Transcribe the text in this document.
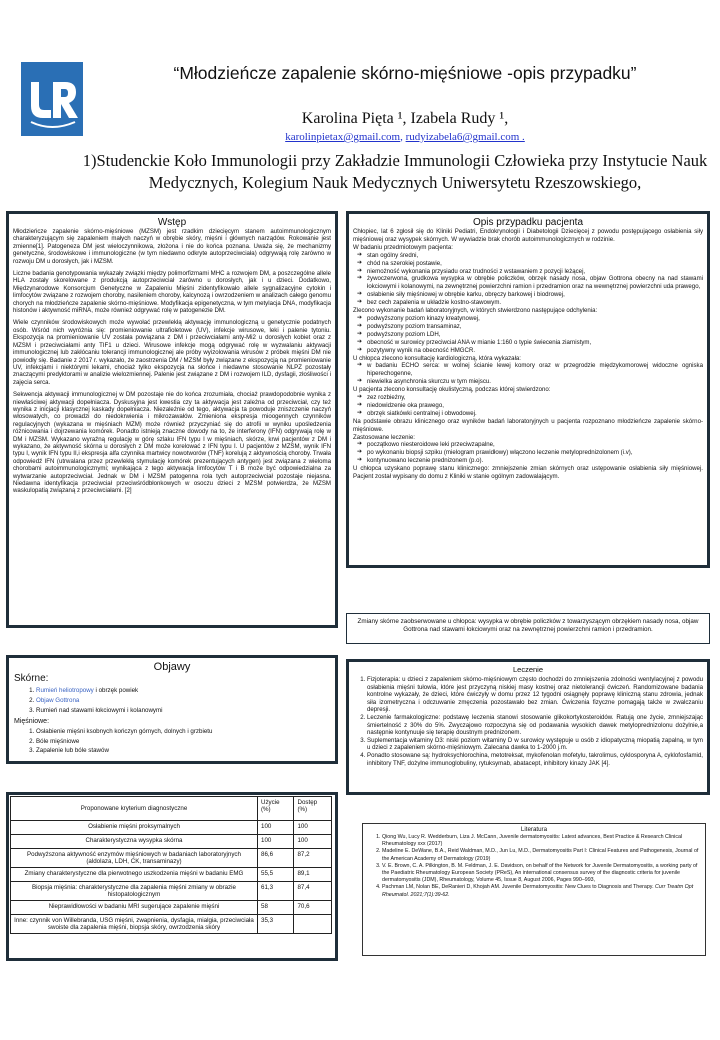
“Młodzieńcze zapalenie skórno-mięśniowe -opis przypadku”
Karolina Pięta ¹, Izabela Rudy ¹,
karolinpietax@gmail.com, rudyizabela6@gmail.com .
1)Studenckie Koło Immunologii przy Zakładzie Immunologii Człowieka przy Instytucie Nauk Medycznych, Kolegium Nauk Medycznych Uniwersytetu Rzeszowskiego,
Wstęp

Młodzieńcze zapalenie skórno-mięśniowe (MZSM) jest rzadkim dziecięcym stanem autoimmunologicznym charakteryzującym się zapaleniem małych naczyń w obrębie skóry, mięśni i głównych narządów. Rokowanie jest zmienne[1]. Patogeneza DM jest wieloczynnikowa, złożona i nie do końca poznana. Uważa się, że mechanizmy genetyczne, środowiskowe i immunologiczne (w tym niedawno odkryte autoprzeciwciała) odgrywają rolę zarówno w rozwoju DM u dorosłych, jak i MZSM.

Liczne badania genotypowania wykazały związki między polimorfizmami MHC a rozwojem DM, a poszczególne allele HLA zostały skorelowane z produkcją autoprzeciwciał zarówno u dorosłych, jak i u dzieci. Dodatkowo, Międzynarodowe Konsorcjum Genetyczne w Zapaleniu Mięśni zidentyfikowało allele sygnalizacyjne cytokin i limfocytów związane z rozwojem choroby, nasileniem choroby, kalcynozą i owrzodzeniem w analizach całego genomu chorych na młodzieńcze zapalenie skórno-mięśniowe. Modyfikacja epigenetyczna, w tym metylacja DNA, modyfikacja histonów i aktywność miRNA, może również odgrywać rolę w patogenezie DM.

Wiele czynników środowiskowych może wywołać przewlekłą aktywację immunologiczną u genetycznie podatnych osób. Wśród nich wyróżnia się: promieniowanie ultrafioletowe (UV), infekcje wirusowe, leki i palenie tytoniu. Ekspozycja na promieniowanie UV została powiązana z DM i przeciwciałami anty-Mi2 u dorosłych kobiet oraz z MZSM i przeciwciałami anty TIF1 u dzieci. Wirusowe infekcje mogą odgrywać rolę w wyzwalaniu aktywacji immunologicznej lub zakłócaniu tolerancji immunologicznej ale próby wyizolowania wirusów z próbek mięśni DM nie powiodły się. Badanie z 2017 r. wykazało, że zaostrzenia DM / MZSM były związane z ekspozycją na promieniowanie UV, infekcjami i niektórymi lekami, chociaż tylko ekspozycja na słońce i niedawne stosowanie NLPZ pozostały znaczącymi predyktorami w analizie wielozmiennej. Palenie jest związane z DM i rozwojem ILD, dysfagii, złośliwości i zajęcia serca.

Sekwencja aktywacji immunologicznej w DM pozostaje nie do końca zrozumiała, chociaż prawdopodobnie wynika z niewłaściwej aktywacji dopełniacza. Dyskusyjna jest kwestia czy ta aktywacja jest zależna od przeciwciał, czy też wynika z inicjacji klasycznej kaskady dopełniacza. Niezależnie od tego, aktywacja ta powoduje zniszczenie naczyń włosowatych, co prowadzi do niedokrwienia i mikrozawałów. Zmieniona ekspresja mioogennych czynników regulacyjnych (wykazana w mięśniach MZM) może również przyczyniać się do atrofii w wyniku upośledzenia różnicowania i dojrzewania komórek. Ponadto istnieją znaczne dowody na to, że interferony (IFN) odgrywają rolę w DM i MZSM. Wykazano wyraźną regulację w górę szlaku IFN typu I w mięśniach, skórze, krwi pacjentów z DM i wykazano, że aktywność skórna u dorosłych z DM może korelować z IFN typu I. U pacjentów z MZSM, wynik IFN typu I, wynik IFN typu II,i ekspresja alfa czynnika martwicy nowotworów (TNF) korelują z aktywnością choroby. Trwała odpowiedź IFN (utrwalana przez przewlekłą stymulację komórek prezentujących antygen) jest związana z wieloma chorobami autoimmunologicznymi; wynikająca z tego aktywacja limfocytów T i B może być odpowiedzialna za wytwarzanie autoprzeciwciał. Jednak w DM i MZSM patogenna rola tych autoprzeciwciał pozostaje niejasna. Niedawna identyfikacja przeciwciał przeciwśródbłonkowych w osoczu dzieci z MZSM potwierdza, że MZSM waskulopatią związaną z przeciwciałami. [2]

Opis przypadku pacjenta
Chłopiec, lat 6 zgłosił się do Kliniki Pediatri, Endokrynologii i Diabetologii Dziecięcej z powodu postępującego osłabienia siły mięśniowej oraz wysypek skórnych. W wywiadzie brak chorób autoimmunologicznych w rodzinie.
W badaniu przedmiotowym pacjenta:
➔ stan ogólny średni,
➔ chód na szerokiej postawie,
➔ niemożność wykonania przysiadu oraz trudności z wstawaniem z pozycji leżącej,
➔ żywoczerwona, grudkowa wysypka w obrębie policzków, obrzęk nasady nosa, objaw Gottrona obecny na nad stawami łokciowymi i kolanowymi, na zewnętrznej powierzchni ramion i przedramion oraz na wewnętrznej powierzchni uda prawego,
➔ osłabienie siły mięśniowej w obrębie karku, obręczy barkowej i biodrowej,
➔ bez cech zapalenia w układzie kostno-stawowym.
Zlecono wykonanie badań laboratoryjnych, w których stwierdzono następujące odchylenia:
➔ podwyższony poziom kinazy kreatynowej,
➔ podwyższony poziom transaminaz,
➔ podwyższony poziom LDH,
➔ obecność w surowicy przeciwciał ANA w mianie 1:160 o typie świecenia ziarnistym,
➔ pozytywny wynik na obecność HMGCR.
U chłopca zlecono konsultację kardiologiczną, która wykazała:
➔ w badaniu ECHO serca: w wolnej ścianie lewej komory oraz w przegrodzie międzykomorowej widoczne ogniska hiperechogenne,
➔ niewielka asynchronia skurczu w tym miejscu.
U pacjenta zlecono konsultację okulistyczną, podczas której stwierdzono:
➔ zez rozbieżny,
➔ niedowidzenie oka prawego,
➔ obrzęk siatkówki centralnej i obwodowej.
Na podstawie obrazu klinicznego oraz wyników badań laboratoryjnych u pacjenta rozpoznano młodzieńcze zapalenie skórno-mięśniowe.
Zastosowane leczenie:
➔ początkowo niesteroidowe leki przeciwzapalne,
➔ po wykonaniu biopsji szpiku (mielogram prawidłowy) włączono leczenie metyloprednizolonem (i.v),
➔ kontynuowano leczenie prednizonem (p.o).
U chłopca uzyskano poprawę stanu klinicznego: zmniejszenie zmian skórnych oraz ustępowanie osłabienia siły mięśniowej. Pacjent został wypisany do domu z Kliniki w stanie ogólnym zadowalającym.
Zmiany skórne zaobserwowane u chłopca: wysypka w obrębie policzków z towarzyszącym obrzękiem nasady nosa, objaw Gottrona nad stawami łokciowymi oraz na zewnętrznej powierzchni ramion i przedramion.
Objawy
Skórne:
1. Rumień heliotropowy i obrzęk powiek
2. Objaw Gottrona
3. Rumień nad stawami łokciowymi i kolanowymi
Mięśniowe:
1. Osłabienie mięśni ksobnych kończyn górnych, dolnych i grzbietu
2. Bóle mięśniowe
3. Zapalenie lub bóle stawów
Leczenie
1. Fizjoterapia: u dzieci z zapaleniem skórno-mięśniowym często dochodzi do zmniejszenia zdolności wentylacyjnej z powodu osłabienia mięśni tułowia, które jest przyczyną niskiej masy kostnej oraz nietolerancji ćwiczeń. Randomizowane badania kontrolne wykazały, że dzieci, które ćwiczyły w domu przez 12 tygodni osiągnęły poprawę kliniczną stanu zdrowia, jednak siła izometryczna i odczuwanie zmęczenia pozostawało bez zmian. Ćwiczenia fizyczne pomagają także w zwalczaniu depresji.
2. Leczenie farmakologiczne: podstawę leczenia stanowi stosowanie glikokortykosteroidów. Ratują one życie, zmniejszając śmiertelność z 30% do 5%. Zwyczajowo rozpoczyna się od podawania wysokich dawek metyloprednizolonu dożylnie,a następnie kontynuuje się terapię doustnym prednizonem.
3. Suplementacja witaminy D3: niski poziom witaminy D w surowicy występuje u osób z idiopatyczną miopatią zapalną, w tym u dzieci z zapaleniem skórno-mięśniowym. Zalecana dawka to 1-2000 j.m.
4. Ponadto stosowane są: hydroksychlorochina, metotreksat, mykofenolan mofetylu, takrolimus, cyklosporyna A, cyklofosfamid, inhibitory TNF, dożylne immunoglobuliny, rytuksymab, abatacept, inhibitory kinazy JAK [4].
Proponowane kryterium diagnostyczne	Użycie (%)	Dostęp (%)
Osłabienie mięśni proksymalnych	100	100
Charakterystyczna wysypka skórna	100	100
Podwyższona aktywność enzymów mięśniowych w badaniach laboratoryjnych (aldolaza, LDH, CK, transaminazy)	86,6	87,2
Zmiany charakterystyczne dla pierwotnego uszkodzenia mięśni w badaniu EMG	55,5	89,1
Biopsja mięśnia: charakterystyczne dla zapalenia mięśni zmiany w obrazie histopatologicznym	61,3	87,4
Nieprawidłowości w badaniu MRI sugerujące zapalenie mięśni	58	70,6
Inne: czynnik von Willebranda, USG mięśni, zwapnienia, dysfagia, mialgia, przeciwciała swoiste dla zapalenia mięśni, biopsja skóry, owrzodzenia skóry	35,3	
Literatura
1. Qiong Wu, Lucy R. Wedderburn, Liza J. McCann, Juvenile dermatomyositis: Latest advances, Best Practice & Research Clinical Rheumatology xxx (2017)
2. Madeline E. DeWane, B.A., Reid Waldman, M.D., Jun Lu, M.D., Dermatomyositis Part I: Clinical Features and Pathogenesis, Journal of the American Academy of Dermatology (2019)
3. V. E. Brown, C. A. Pilkington, B. M. Feldman, J. E. Davidson, on behalf of the Network for Juvenile Dermatomyositis, a working party of the Paediatric Rheumatology European Society (PReS), An international consensus survey of the diagnostic criteria for juvenile dermatomyositis (JDM), Rheumatology, Volume 45, Issue 8, August 2006, Pages 990–993,
4. Pachman LM, Nolan BE, DeRanieri D, Khojah AM. Juvenile Dermatomyositis: New Clues to Diagnosis and Therapy. Curr Treatm Opt Rheumatol. 2021;7(1):39-62.
